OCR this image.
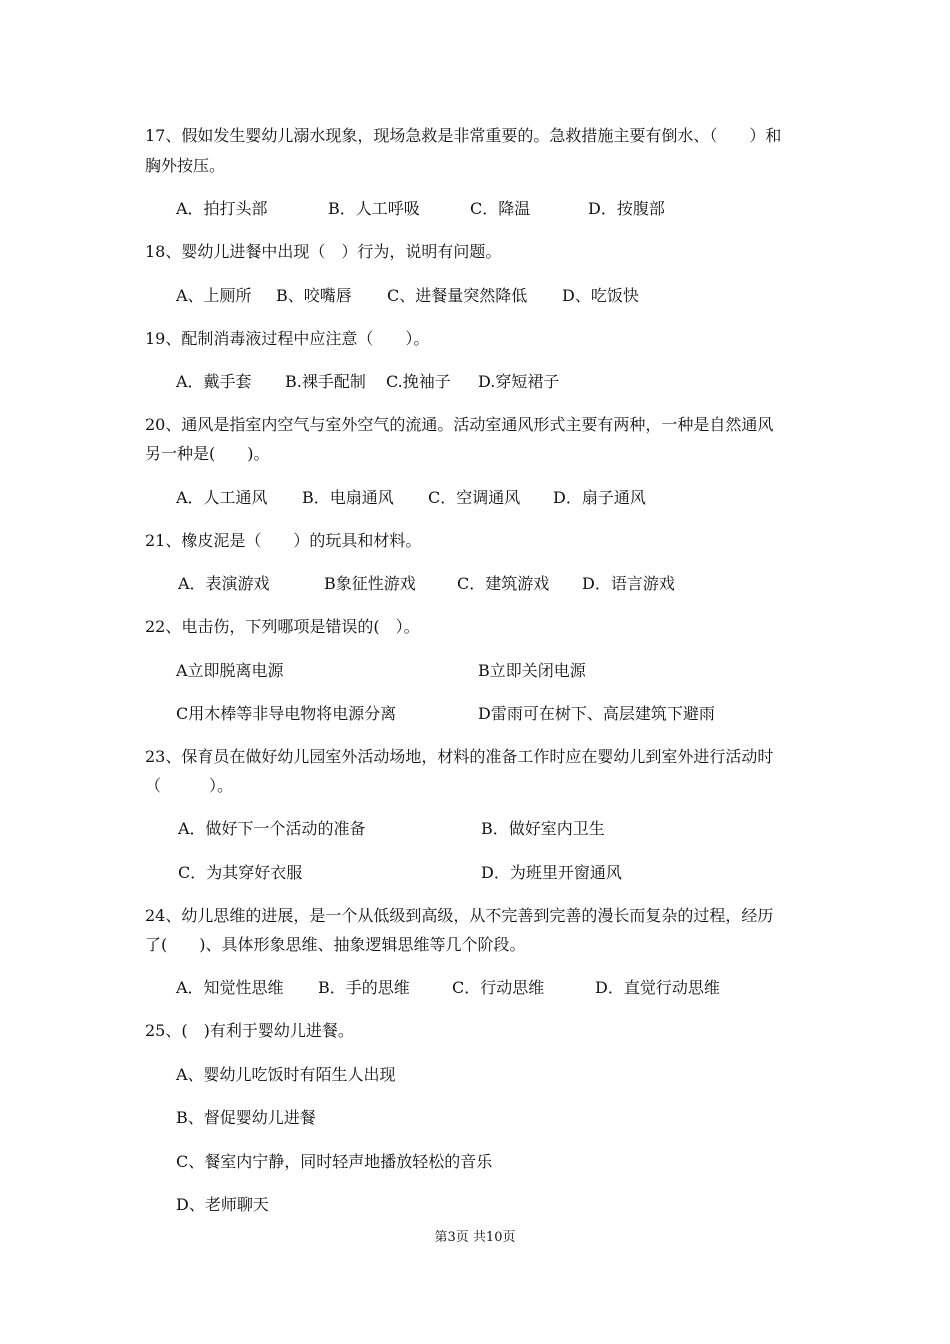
17、假如发生婴幼儿溺水现象，现场急救是非常重要的。急救措施主要有倒水、（　　）和

胸外按压。

A．拍打头部	B．人工呼吸	C．降温	D．按腹部

18、婴幼儿进餐中出现（　）行为，说明有问题。

A、上厕所 B、咬嘴唇 C、进餐量突然降低 D、吃饭快

19、配制消毒液过程中应注意（　　）。

A．戴手套 B.裸手配制 C.挽袖子 D.穿短裙子

20、通风是指室内空气与室外空气的流通。活动室通风形式主要有两种，一种是自然通风

另一种是(　　)。

A．人工通风 B．电扇通风 C．空调通风 D．扇子通风

21、橡皮泥是（　　）的玩具和材料。

A．表演游戏	B象征性游戏	C．建筑游戏 D．语言游戏

22、电击伤，下列哪项是错误的(　）。

A立即脱离电源	B立即关闭电源
C用木棒等非导电物将电源分离	D雷雨可在树下、高层建筑下避雨

23、保育员在做好幼儿园室外活动场地，材料的准备工作时应在婴幼儿到室外进行活动时

（　　　）。

A．做好下一个活动的准备	B．做好室内卫生
C．为其穿好衣服	D．为班里开窗通风

24、幼儿思维的进展，是一个从低级到高级，从不完善到完善的漫长而复杂的过程，经历

了(　　)、具体形象思维、抽象逻辑思维等几个阶段。

A．知觉性思维 B．手的思维	C．行动思维	D．直觉行动思维

25、(　)有利于婴幼儿进餐。

A、婴幼儿吃饭时有陌生人出现
B、督促婴幼儿进餐
C、餐室内宁静，同时轻声地播放轻松的音乐
D、老师聊天
第3页 共10页
